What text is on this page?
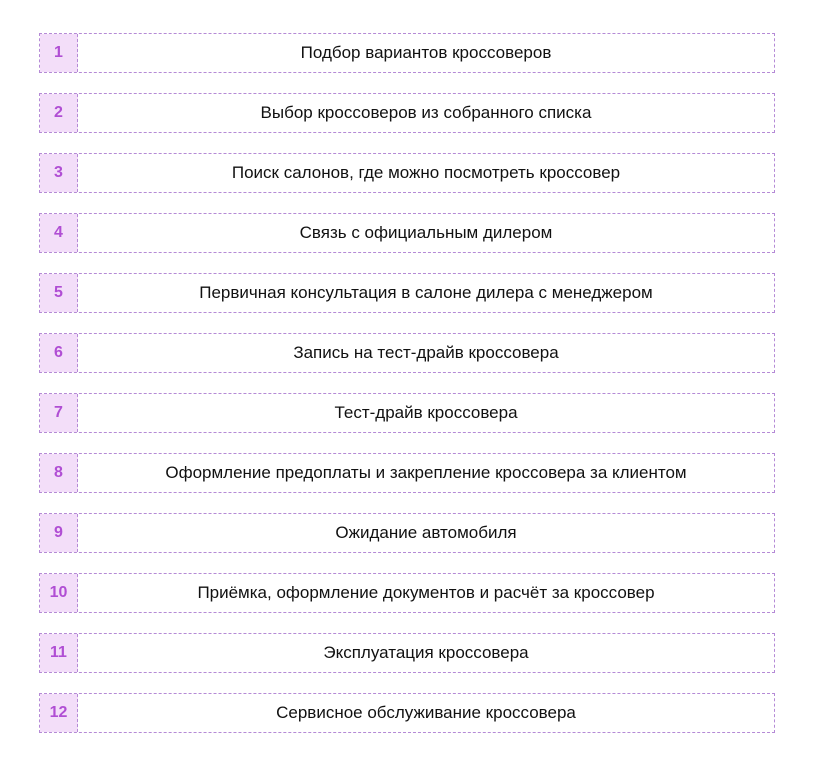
1	Подбор вариантов кроссоверов
2	Выбор кроссоверов из собранного списка
3	Поиск салонов, где можно посмотреть кроссовер
4	Связь с официальным дилером
5	Первичная консультация в салоне дилера с менеджером
6	Запись на тест-драйв кроссовера
7	Тест-драйв кроссовера
8	Оформление предоплаты и закрепление кроссовера за клиентом
9	Ожидание автомобиля
10	Приёмка, оформление документов и расчёт за кроссовер
11	Эксплуатация кроссовера
12	Сервисное обслуживание кроссовера
